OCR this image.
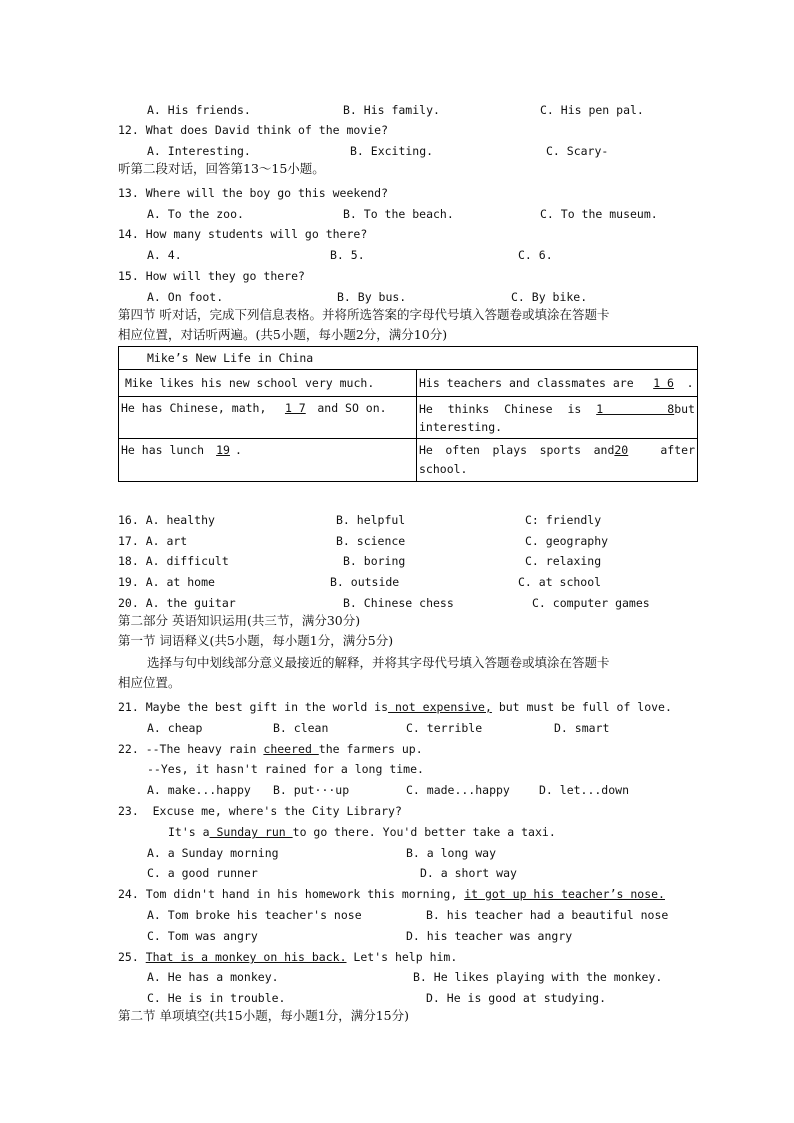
A. His friends.	B. His family.	C. His pen pal.
12. What does David think of the movie?
A. Interesting.	B. Exciting.	C. Scary-
听第二段对话，回答第13～15小题。
13. Where will the boy go this weekend?
A. To the zoo.	B. To the beach.	C. To the museum.
14. How many students will go there?
A. 4.	B. 5.	C. 6.
15. How will they go there?
A. On foot.	B. By bus.	C. By bike.
第四节 听对话，完成下列信息表格。并将所选答案的字母代号填入答题卷或填涂在答题卡
相应位置，对话听两遍。(共5小题，每小题2分，满分10分)
Mike’s New Life in China	
Mike likes his new school very much.	His teachers and classmates are 1 6 .
He has Chinese, math, 1 7 and SO on.	He thinks Chinese is 1 8but
interesting.

He has lunch 19 .	He often plays sports and20 after
school.
16. A. healthy	B. helpful	C: friendly
17. A. art	B. science	C. geography
18. A. difficult	B. boring	C. relaxing
19. A. at home	B. outside	C. at school
20. A. the guitar	B. Chinese chess	C. computer games
第二部分 英语知识运用(共三节，满分30分)
第一节 词语释义(共5小题，每小题1分，满分5分)
选择与句中划线部分意义最接近的解释，并将其字母代号填入答题卷或填涂在答题卡
相应位置。
21. Maybe the best gift in the world is not expensive, but must be full of love.
A. cheap	B. clean	C. terrible	D. smart
22. --The heavy rain cheered the farmers up.
--Yes, it hasn't rained for a long time.
A. make...happy B. put···up	C. made...happy	D. let...down
23.  Excuse me, where's the City Library?
It's a Sunday run to go there. You'd better take a taxi.
A. a Sunday morning	B. a long way
C. a good runner	D. a short way
24. Tom didn't hand in his homework this morning, it got up his teacher’s nose.
A. Tom broke his teacher's nose	B. his teacher had a beautiful nose
C. Tom was angry	D. his teacher was angry
25. That is a monkey on his back. Let's help him.
A. He has a monkey.	B. He likes playing with the monkey.
C. He is in trouble.	D. He is good at studying.
第二节 单项填空(共15小题，每小题1分，满分15分)
